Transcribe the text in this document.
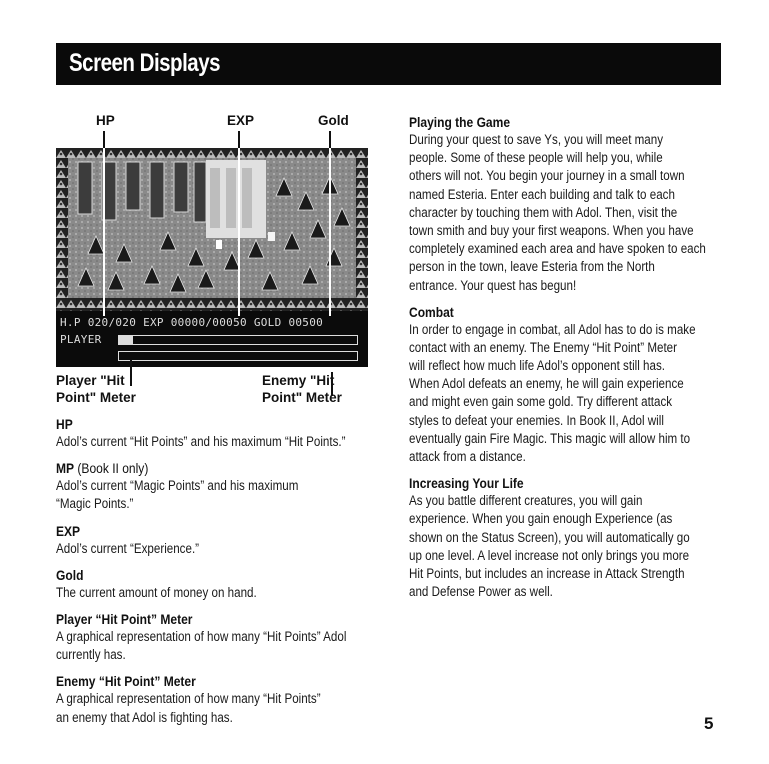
Screen Displays
HP	EXP	Gold
H.P 020/020 EXP 00000/00050 GOLD 00500
PLAYER
Player "Hit
Point" Meter
Enemy "Hit
Point" Meter
HP
Adol’s current “Hit Points” and his maximum “Hit Points.”
MP (Book II only)
Adol’s current “Magic Points” and his maximum
“Magic Points.”
EXP
Adol’s current “Experience.”
Gold
The current amount of money on hand.
Player “Hit Point” Meter
A graphical representation of how many “Hit Points” Adol
currently has.
Enemy “Hit Point” Meter
A graphical representation of how many “Hit Points”
an enemy that Adol is fighting has.
Playing the Game
During your quest to save Ys, you will meet many
people. Some of these people will help you, while
others will not. You begin your journey in a small town
named Esteria. Enter each building and talk to each
character by touching them with Adol. Then, visit the
town smith and buy your first weapons. When you have
completely examined each area and have spoken to each
person in the town, leave Esteria from the North
entrance. Your quest has begun!
Combat
In order to engage in combat, all Adol has to do is make
contact with an enemy. The Enemy “Hit Point” Meter
will reflect how much life Adol’s opponent still has.
When Adol defeats an enemy, he will gain experience
and might even gain some gold. Try different attack
styles to defeat your enemies. In Book II, Adol will
eventually gain Fire Magic. This magic will allow him to
attack from a distance.
Increasing Your Life
As you battle different creatures, you will gain
experience. When you gain enough Experience (as
shown on the Status Screen), you will automatically go
up one level. A level increase not only brings you more
Hit Points, but includes an increase in Attack Strength
and Defense Power as well.
5
